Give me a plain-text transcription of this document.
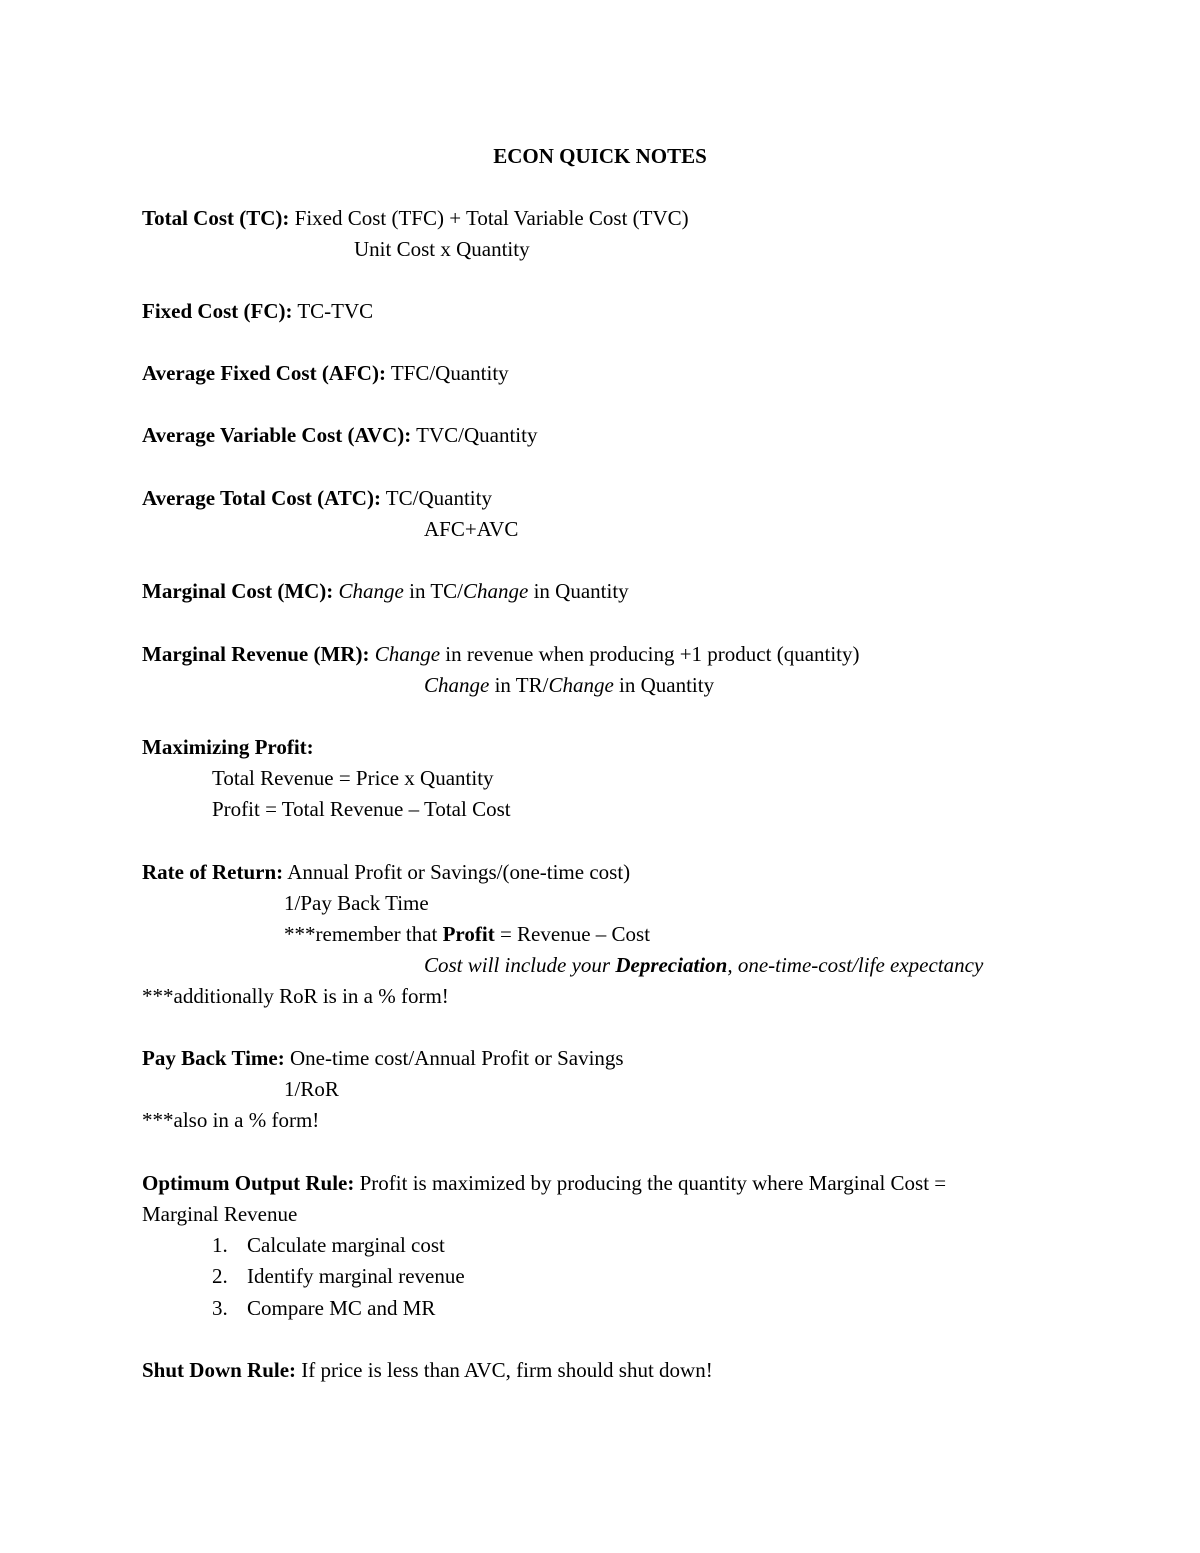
ECON QUICK NOTES
Total Cost (TC): Fixed Cost (TFC) + Total Variable Cost (TVC)
Unit Cost x Quantity
Fixed Cost (FC): TC-TVC
Average Fixed Cost (AFC): TFC/Quantity
Average Variable Cost (AVC): TVC/Quantity
Average Total Cost (ATC): TC/Quantity
AFC+AVC
Marginal Cost (MC): Change in TC/Change in Quantity
Marginal Revenue (MR): Change in revenue when producing +1 product (quantity)
Change in TR/Change in Quantity
Maximizing Profit:
Total Revenue = Price x Quantity
Profit = Total Revenue – Total Cost
Rate of Return: Annual Profit or Savings/(one-time cost)
1/Pay Back Time
***remember that Profit = Revenue – Cost
Cost will include your Depreciation, one-time-cost/life expectancy
***additionally RoR is in a % form!
Pay Back Time: One-time cost/Annual Profit or Savings
1/RoR
***also in a % form!
Optimum Output Rule: Profit is maximized by producing the quantity where Marginal Cost =
Marginal Revenue
1. Calculate marginal cost
2. Identify marginal revenue
3. Compare MC and MR
Shut Down Rule: If price is less than AVC, firm should shut down!
